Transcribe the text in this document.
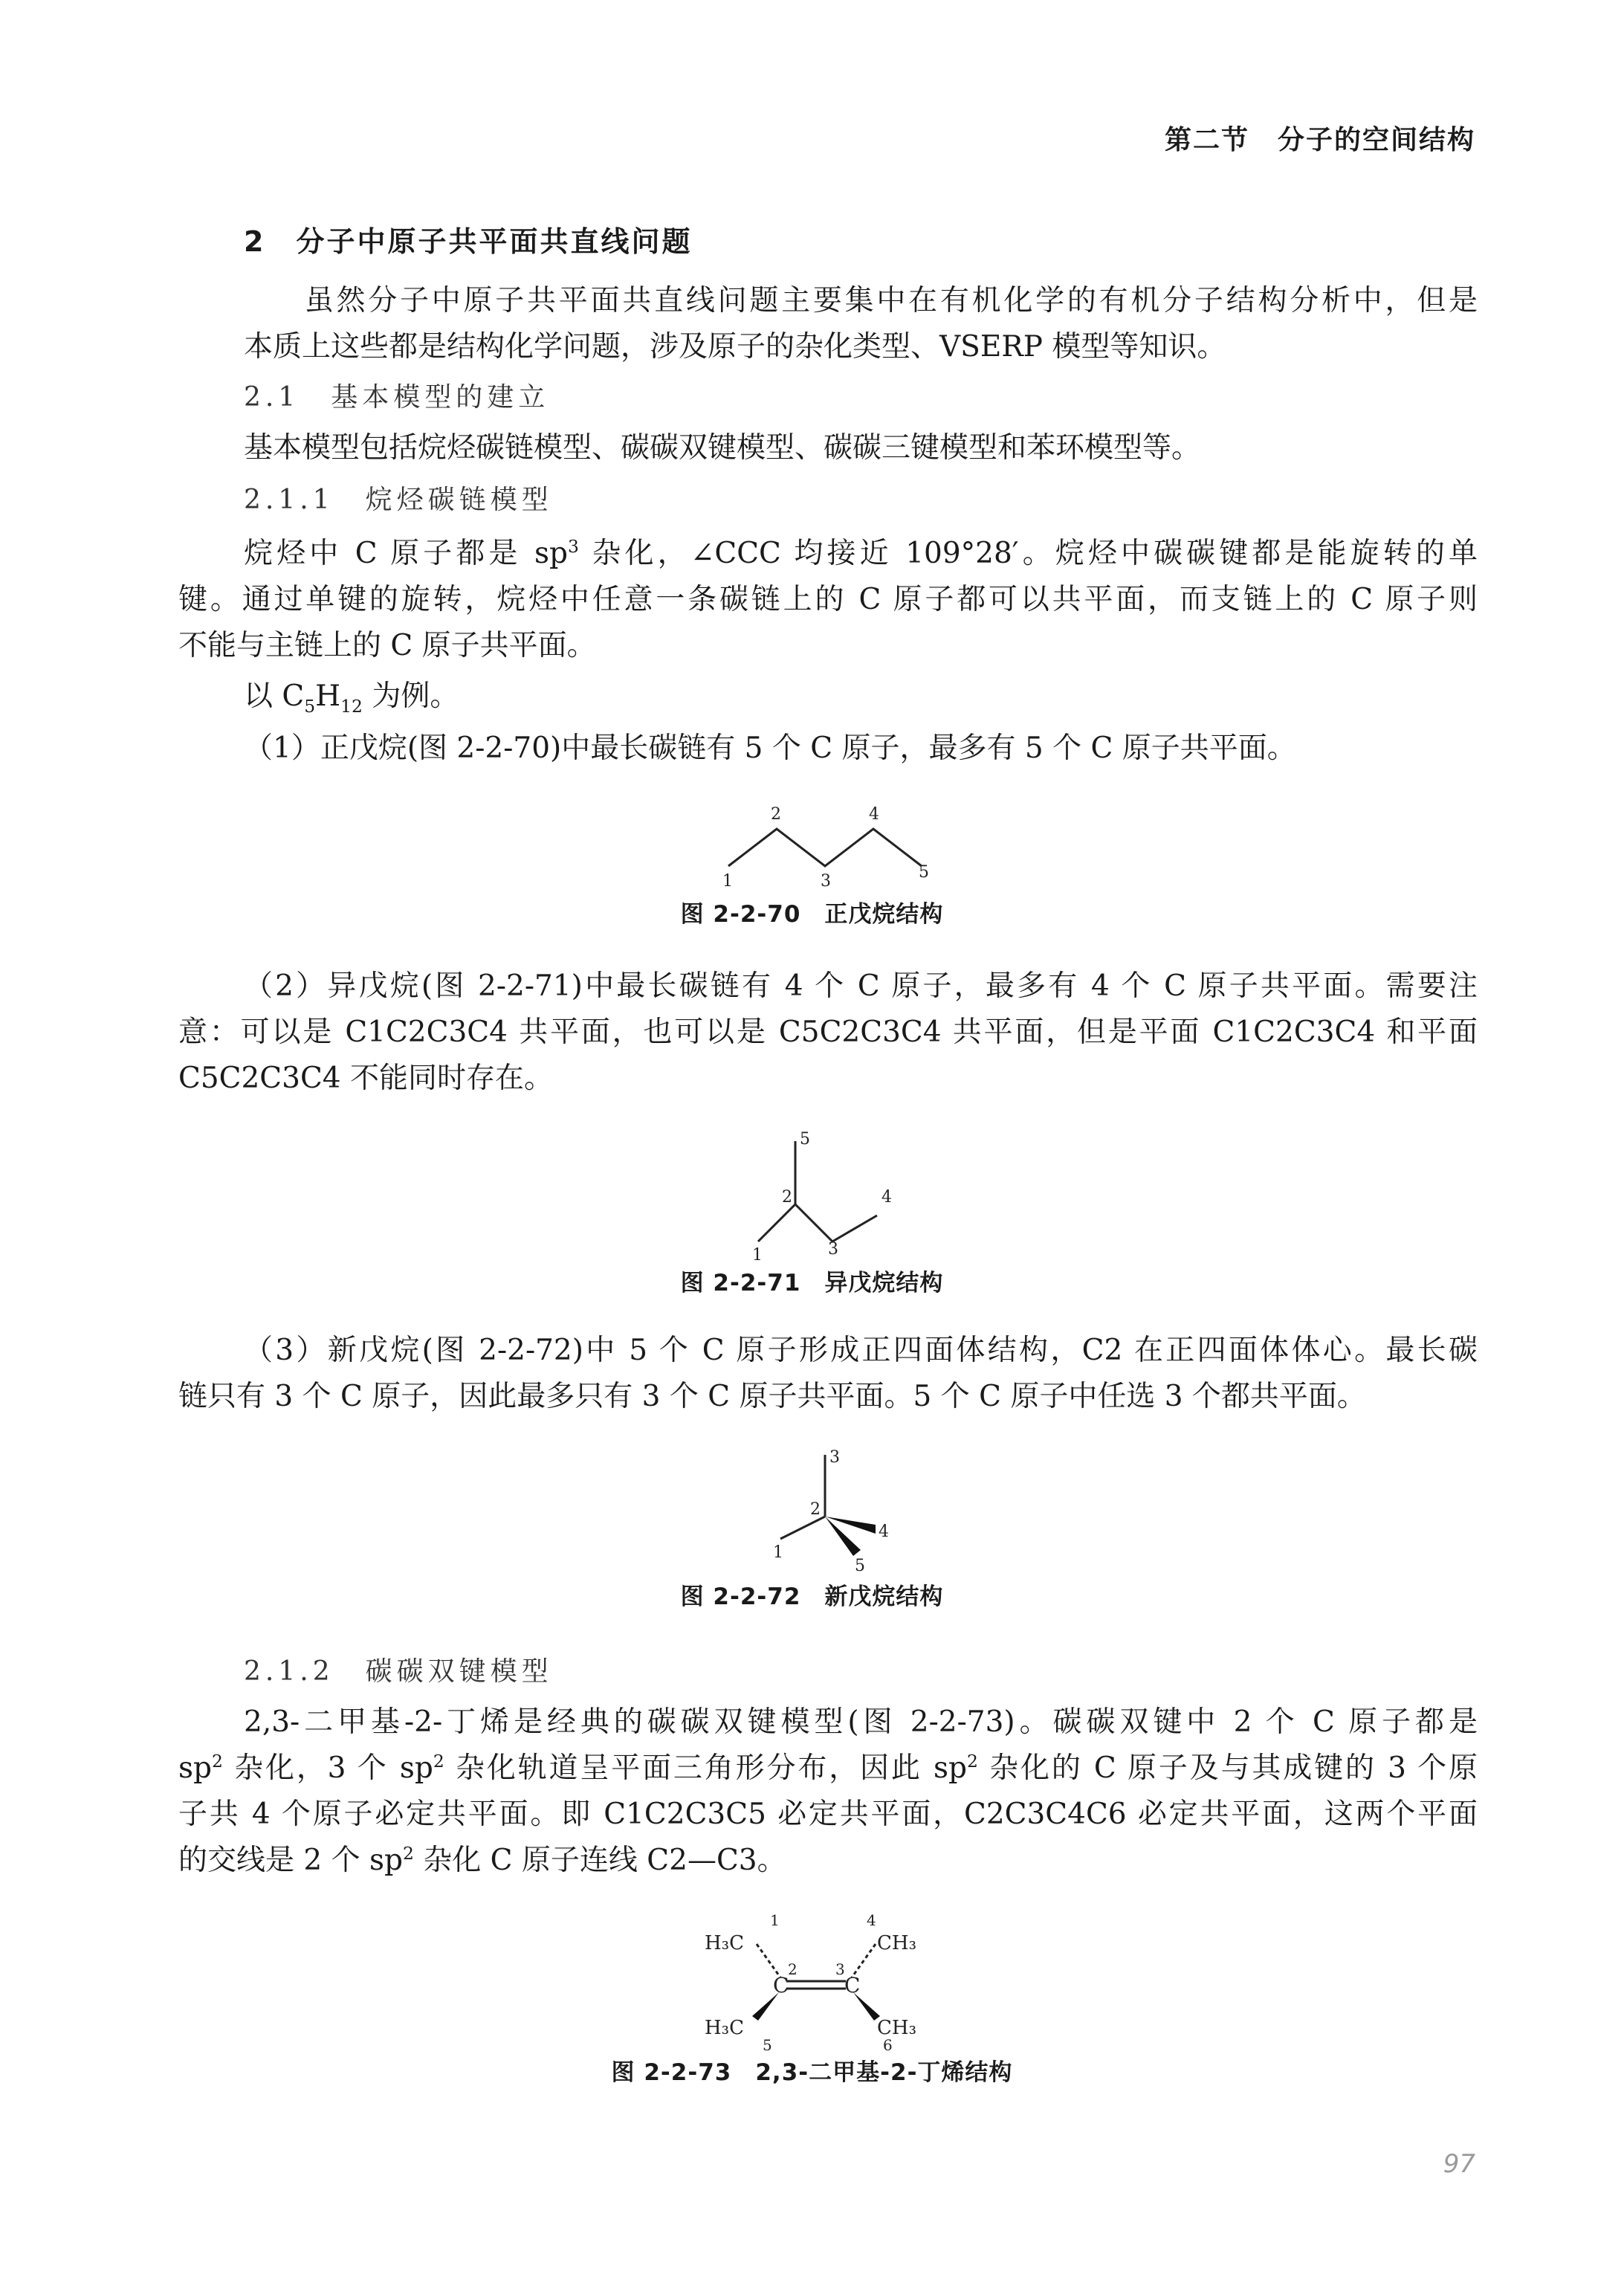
第二节  分子的空间结构
2  分子中原子共平面共直线问题
虽然分子中原子共平面共直线问题主要集中在有机化学的有机分子结构分析中，但是
本质上这些都是结构化学问题，涉及原子的杂化类型、VSERP 模型等知识。
2.1  基本模型的建立
基本模型包括烷烃碳链模型、碳碳双键模型、碳碳三键模型和苯环模型等。
2.1.1  烷烃碳链模型
烷烃中 C 原子都是 $sp^3$ 杂化，∠CCC 均接近 109°28′。烷烃中碳碳键都是能旋转的单
键。通过单键的旋转，烷烃中任意一条碳链上的 C 原子都可以共平面，而支链上的 C 原子则
不能与主链上的 C 原子共平面。
以 $C_5H_{12}$ 为例。
（1）正戊烷(图 2-2-70)中最长碳链有 5 个 C 原子，最多有 5 个 C 原子共平面。
1
2
3
4
5
图 2-2-70　正戊烷结构
（2）异戊烷(图 2-2-71)中最长碳链有 4 个 C 原子，最多有 4 个 C 原子共平面。需要注
意：可以是 C1C2C3C4 共平面，也可以是 C5C2C3C4 共平面，但是平面 C1C2C3C4 和平面
C5C2C3C4 不能同时存在。
5
2	4
1	3
图 2-2-71　异戊烷结构
（3）新戊烷(图 2-2-72)中 5 个 C 原子形成正四面体结构，C2 在正四面体体心。最长碳
链只有 3 个 C 原子，因此最多只有 3 个 C 原子共平面。5 个 C 原子中任选 3 个都共平面。
3
2
4
1
5
图 2-2-72　新戊烷结构
2.1.2  碳碳双键模型
2,3-二甲基-2-丁烯是经典的碳碳双键模型(图 2-2-73)。碳碳双键中 2 个 C 原子都是
$sp^2$ 杂化，3 个 $sp^2$ 杂化轨道呈平面三角形分布，因此 $sp^2$ 杂化的 C 原子及与其成键的 3 个原
子共 4 个原子必定共平面。即 C1C2C3C5 必定共平面，C2C3C4C6 必定共平面，这两个平面
的交线是 2 个 $sp^2$ 杂化 C 原子连线 C2—C3。
H₃C
1
2	3
4
CH₃
C	C
H₃C
5
CH₃
6
图 2-2-73　2,3-二甲基-2-丁烯结构
97
